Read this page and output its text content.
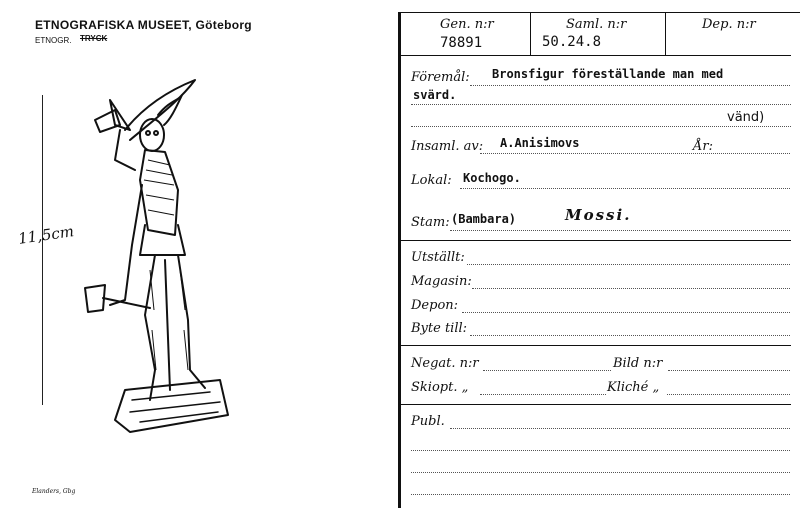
ETNOGRAFISKA MUSEET, Göteborg
ETNOGR. TRYCK
11,5cm
Elanders, Gbg
Gen. n:r
78891
Saml. n:r
50.24.8
Dep. n:r
Föremål: Bronsfigur föreställande man med
svärd.
vänd)
Insaml. av: A.Anisimovs	År:
Lokal: Kochogo.
Stam: (Bambara)	Mossi.
Utställt:
Magasin:
Depon:
Byte till:
Negat. n:r	Bild n:r
Skiopt. „	Kliché „
Publ.
